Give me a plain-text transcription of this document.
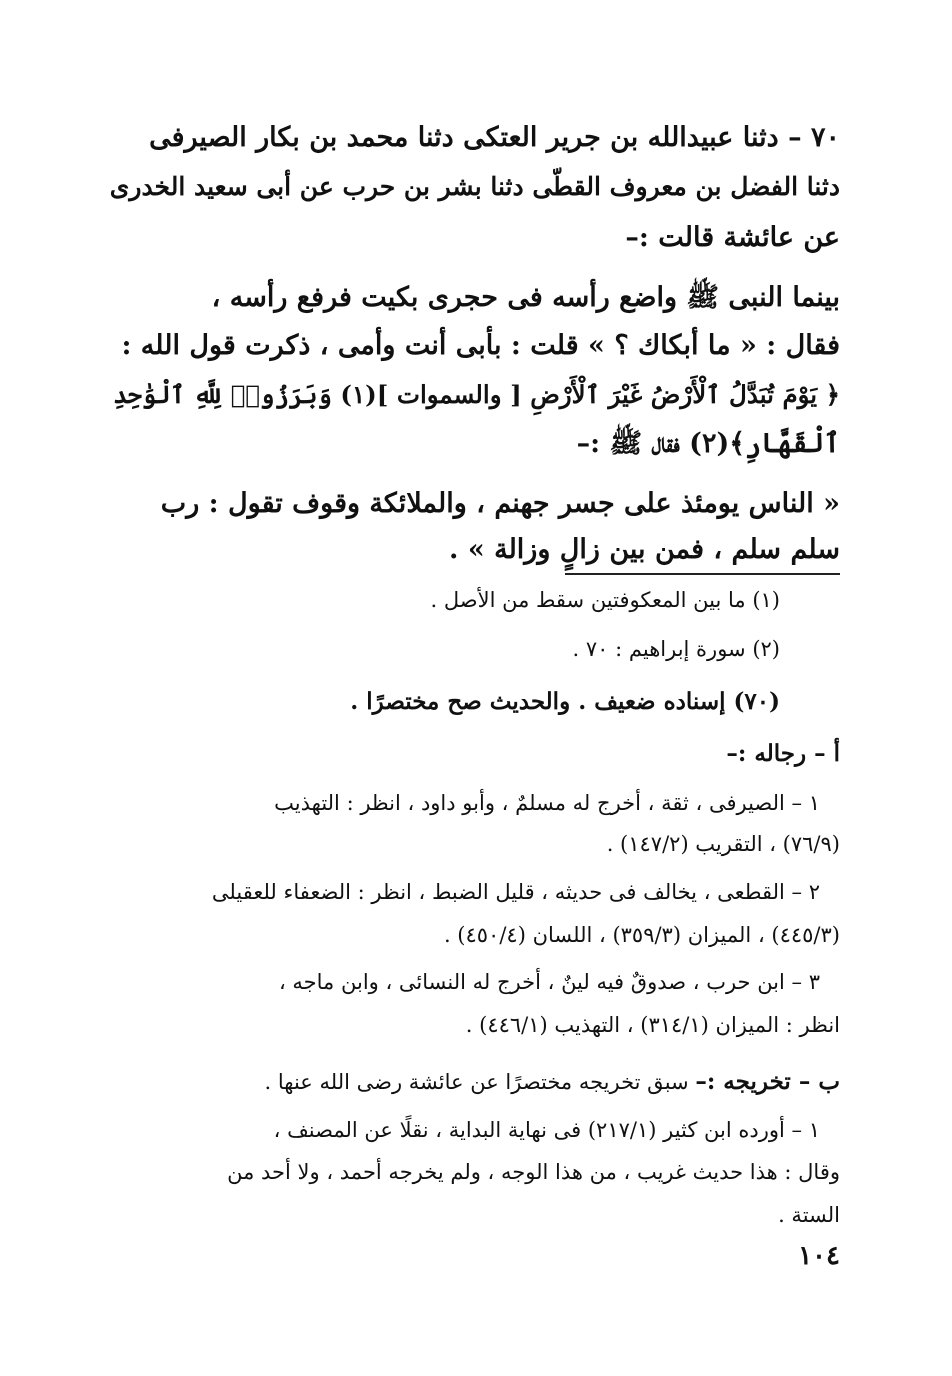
٧٠ – دثنا عبيدالله بن جرير العتكى دثنا محمد بن بكار الصيرفى
دثنا الفضل بن معروف القطّى دثنا بشر بن حرب عن أبى سعيد الخدرى
عن عائشة قالت :–
بينما النبى ﷺ واضع رأسه فى حجرى بكيت فرفع رأسه ،
فقال : « ما أبكاك ؟ » قلت : بأبى أنت وأمى ، ذكرت قول الله :
﴿ يَوْمَ تُبَدَّلُ ٱلْأَرْضُ غَيْرَ ٱلْأَرْضِ [ والسموات ](١) وَبَرَزُوا۟ لِلَّهِ ٱلْوَٰحِدِ
ٱلْقَهَّارِ﴾(٢) فقال ﷺ :–
« الناس يومئذ على جسر جهنم ، والملائكة وقوف تقول : رب
سلم سلم ، فمن بين زالٍ وزالة » .
(١) ما بين المعكوفتين سقط من الأصل .
(٢) سورة إبراهيم : ٧٠ .
(٧٠) إسناده ضعيف . والحديث صح مختصرًا .
أ – رجاله :–
١ – الصيرفى ، ثقة ، أخرج له مسلمٌ ، وأبو داود ، انظر : التهذيب
(٧٦/٩) ، التقريب (١٤٧/٢) .
٢ – القطعى ، يخالف فى حديثه ، قليل الضبط ، انظر : الضعفاء للعقيلى
(٤٤٥/٣) ، الميزان (٣٥٩/٣) ، اللسان (٤٥٠/٤) .
٣ – ابن حرب ، صدوقٌ فيه لينٌ ، أخرج له النسائى ، وابن ماجه ،
انظر : الميزان (٣١٤/١) ، التهذيب (٤٤٦/١) .
ب – تخريجه :– سبق تخريجه مختصرًا عن عائشة رضى الله عنها .
١ – أورده ابن كثير (٢١٧/١) فى نهاية البداية ، نقلًا عن المصنف ،
وقال : هذا حديث غريب ، من هذا الوجه ، ولم يخرجه أحمد ، ولا أحد من
الستة .
١٠٤
